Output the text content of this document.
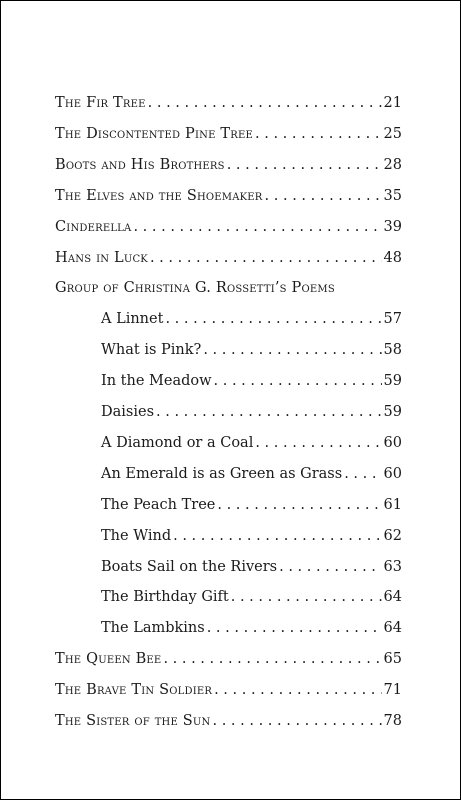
The Fir Tree . . .	21
The Discontented Pine Tree . . .	25
Boots and His Brothers . . .	28
The Elves and the Shoemaker . . .	35
Cinderella . . .	39
Hans in Luck . . .	48
Group of Christina G. Rossetti’s Poems
A Linnet . . .	57
What is Pink? . . .	58
In the Meadow . . .	59
Daisies . . .	59
A Diamond or a Coal . . .	60
An Emerald is as Green as Grass . . .	60
The Peach Tree . . .	61
The Wind . . .	62
Boats Sail on the Rivers . . .	63
The Birthday Gift . . .	64
The Lambkins . . .	64
The Queen Bee . . .	65
The Brave Tin Soldier . . .	71
The Sister of the Sun . . .	78
